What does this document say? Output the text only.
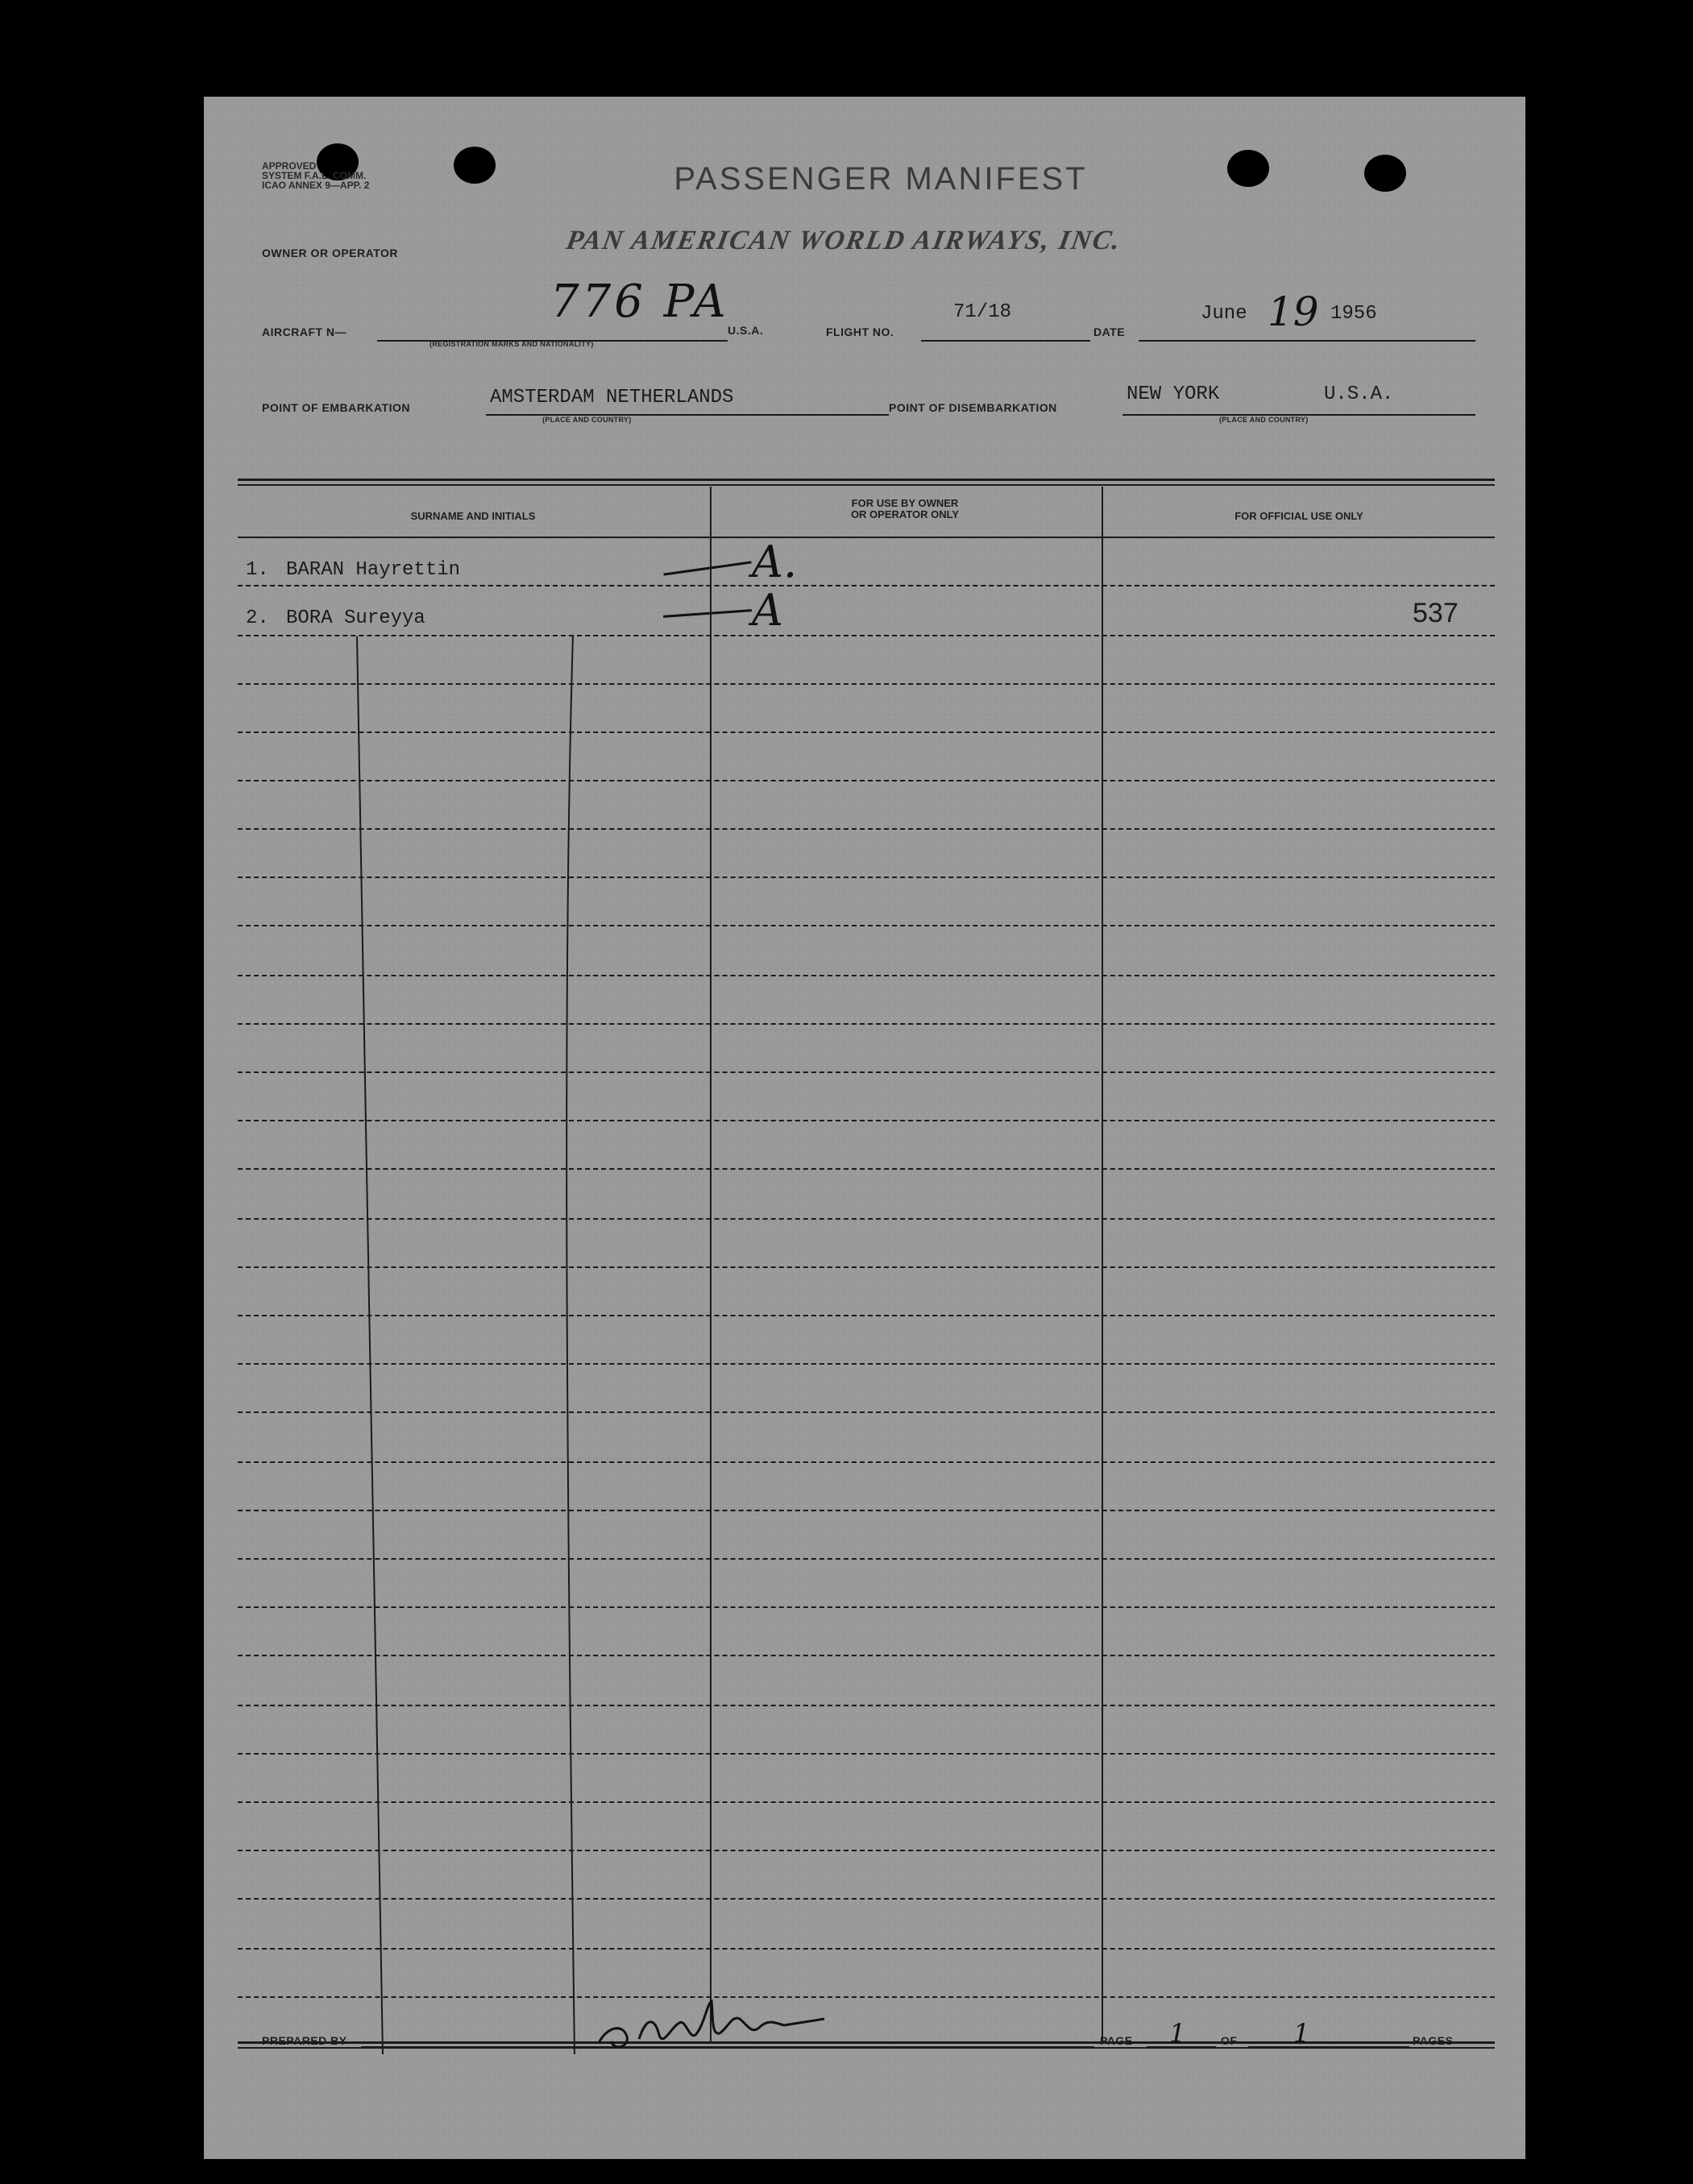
APPROVED
SYSTEM F.A.L. COMM.
ICAO ANNEX 9—APP. 2	PASSENGER MANIFEST
OWNER OR OPERATOR	PAN AMERICAN WORLD AIRWAYS, INC.
AIRCRAFT N—
776 PA
U.S.A.	FLIGHT NO.
71/18
DATE
June 19 1956
(REGISTRATION MARKS AND NATIONALITY)
POINT OF EMBARKATION	AMSTERDAM NETHERLANDS	POINT OF DISEMBARKATION
NEW YORK	U.S.A.
(PLACE AND COUNTRY)	(PLACE AND COUNTRY)
SURNAME AND INITIALS
FOR USE BY OWNER
OR OPERATOR ONLY	FOR OFFICIAL USE ONLY
1. BARAN Hayrettin	A.
2. BORA Sureyya	A	537
PREPARED BY	PAGE 1	OF 1	PAGES
